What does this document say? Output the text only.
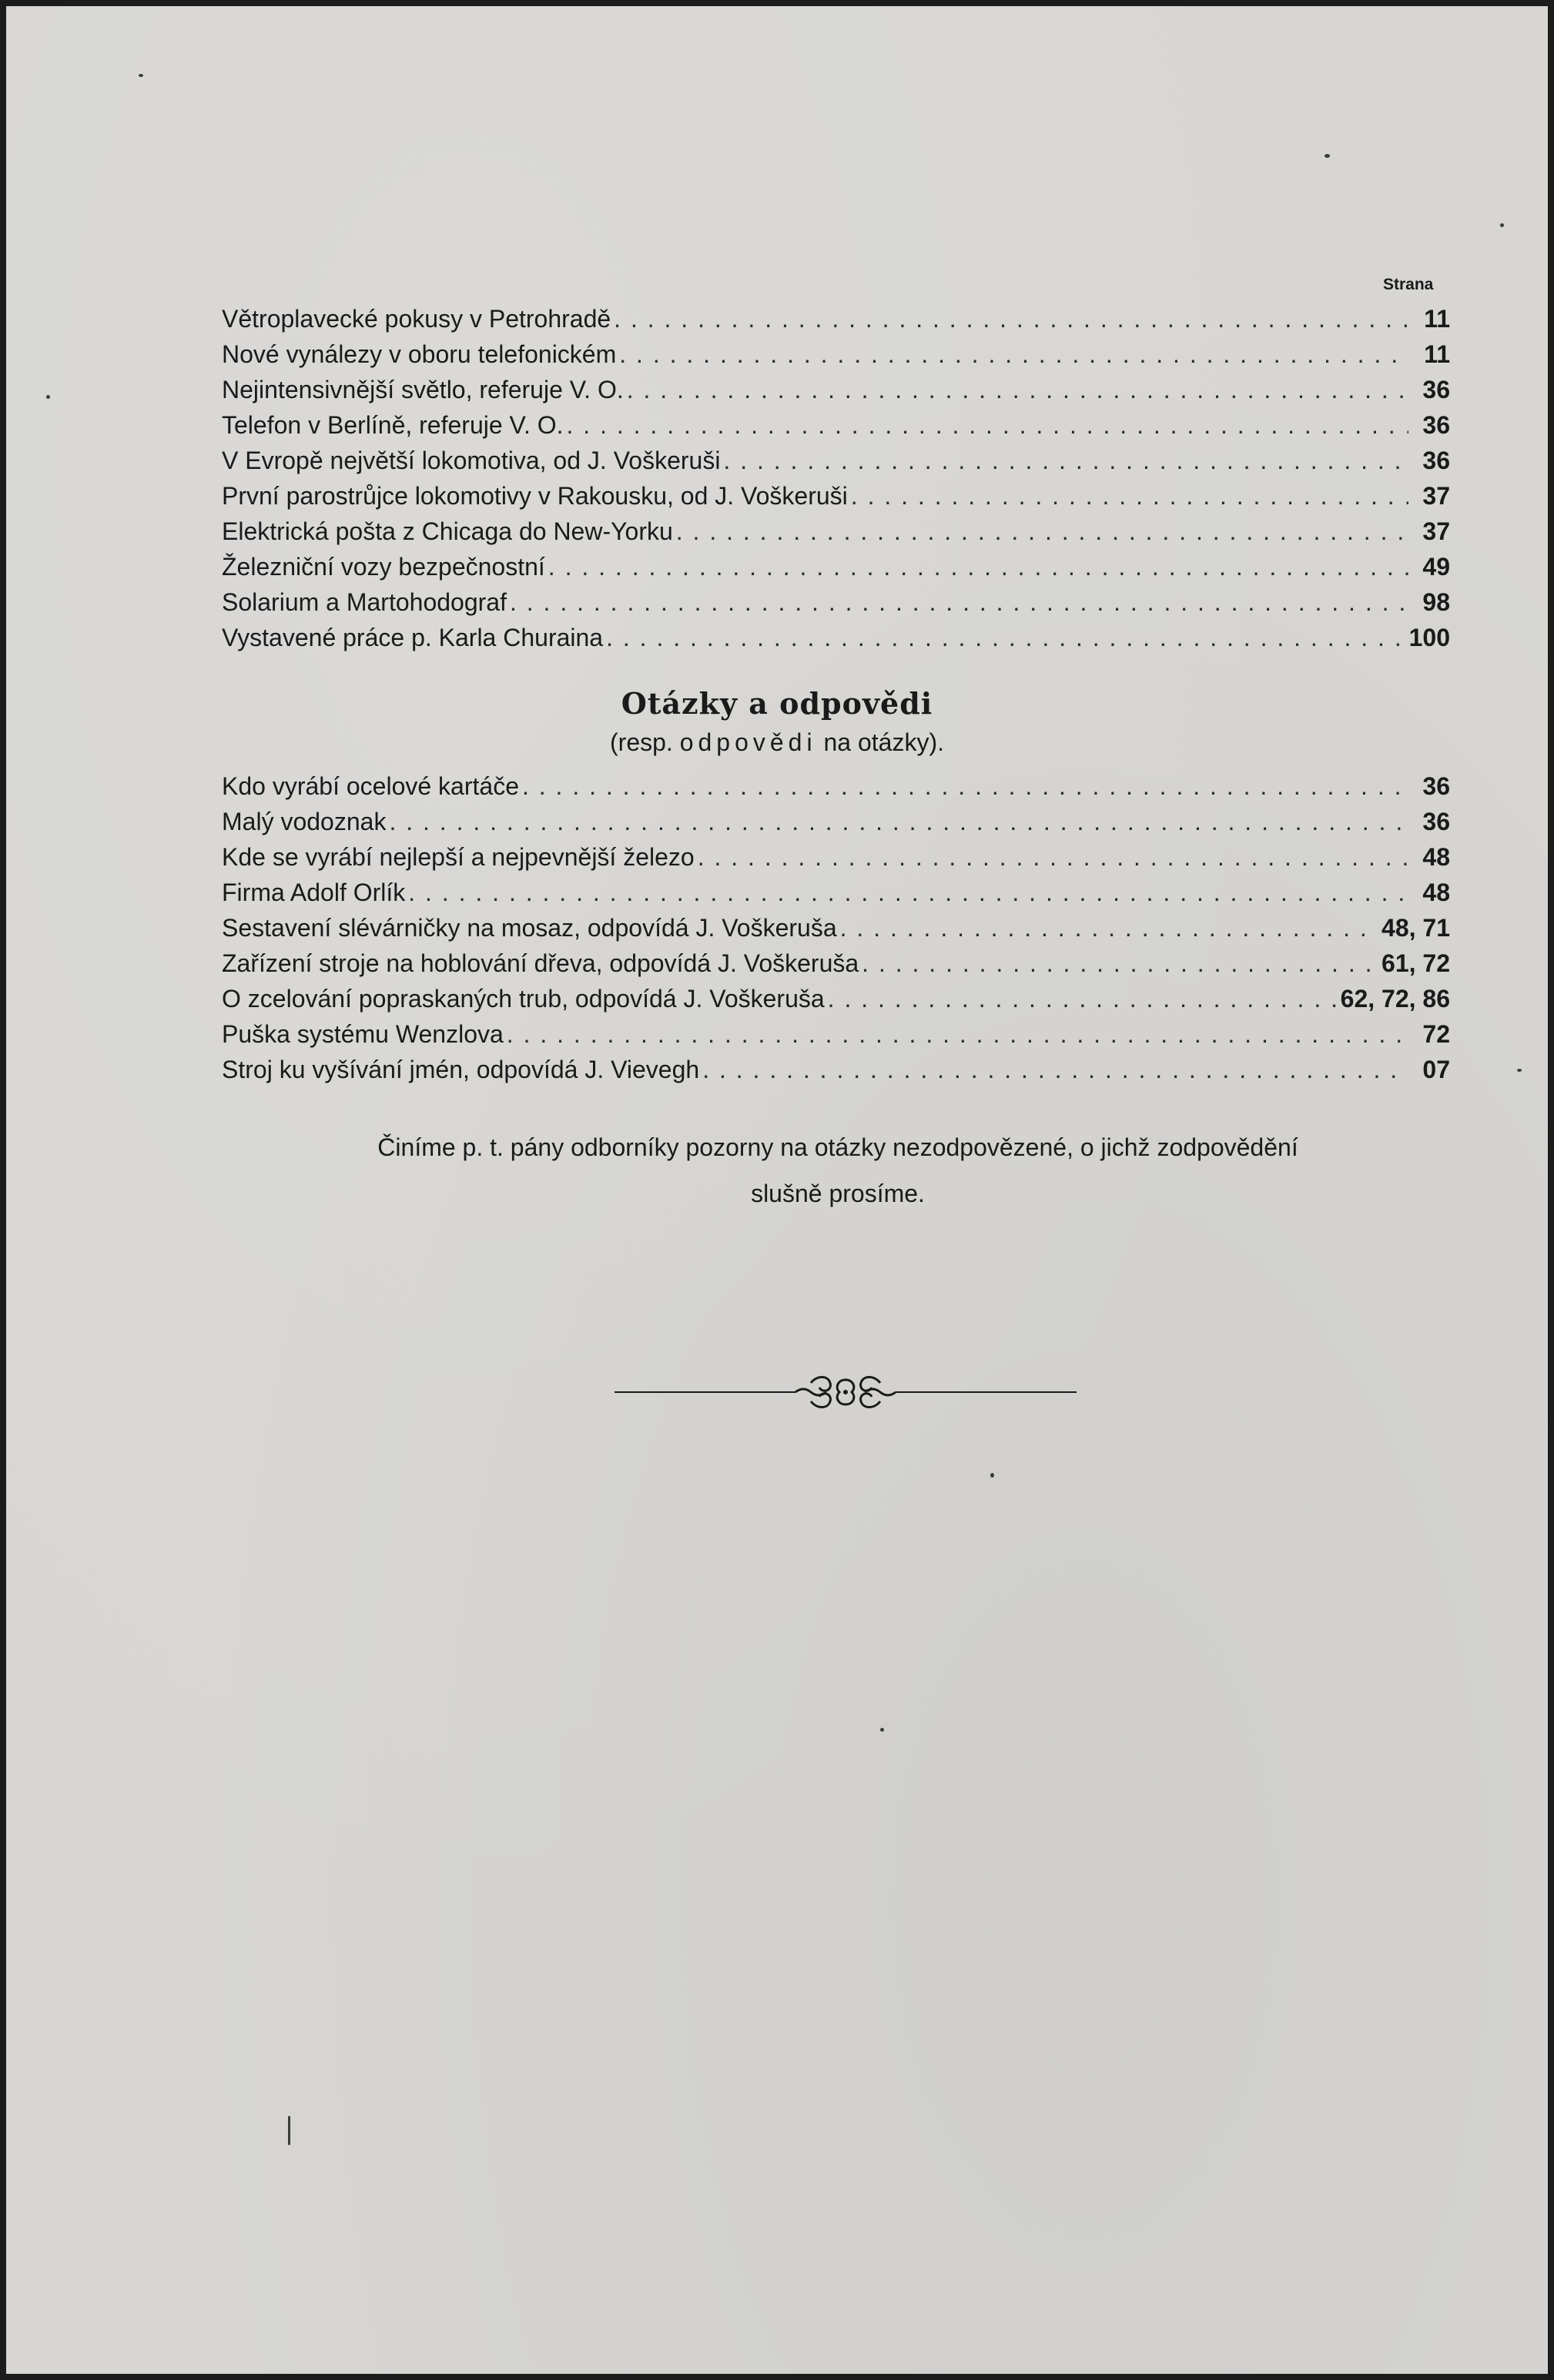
Strana
Větroplavecké pokusy v Petrohradě . . .	11
Nové vynálezy v oboru telefonickém . . .	11
Nejintensivnější světlo, referuje V. O. . . .	36
Telefon v Berlíně, referuje V. O. . . .	36
V Evropě největší lokomotiva, od J. Voškeruši . . .	36
První parostrůjce lokomotivy v Rakousku, od J. Voškeruši . . .	37
Elektrická pošta z Chicaga do New-Yorku . . .	37
Železniční vozy bezpečnostní . . .	49
Solarium a Martohodograf . . .	98
Vystavené práce p. Karla Churaina . . .	100
Otázky a odpovědi
(resp. odpovědi na otázky).
Kdo vyrábí ocelové kartáče . . .	36
Malý vodoznak . . .	36
Kde se vyrábí nejlepší a nejpevnější železo . . .	48
Firma Adolf Orlík . . .	48
Sestavení slévárničky na mosaz, odpovídá J. Voškeruša . . .	48, 71
Zařízení stroje na hoblování dřeva, odpovídá J. Voškeruša . . .	61, 72
O zcelování popraskaných trub, odpovídá J. Voškeruša . . .	62, 72, 86
Puška systému Wenzlova . . .	72
Stroj ku vyšívání jmén, odpovídá J. Vievegh . . .	07
Činíme p. t. pány odborníky pozorny na otázky nezodpovězené, o jichž zodpovědění
slušně prosíme.
